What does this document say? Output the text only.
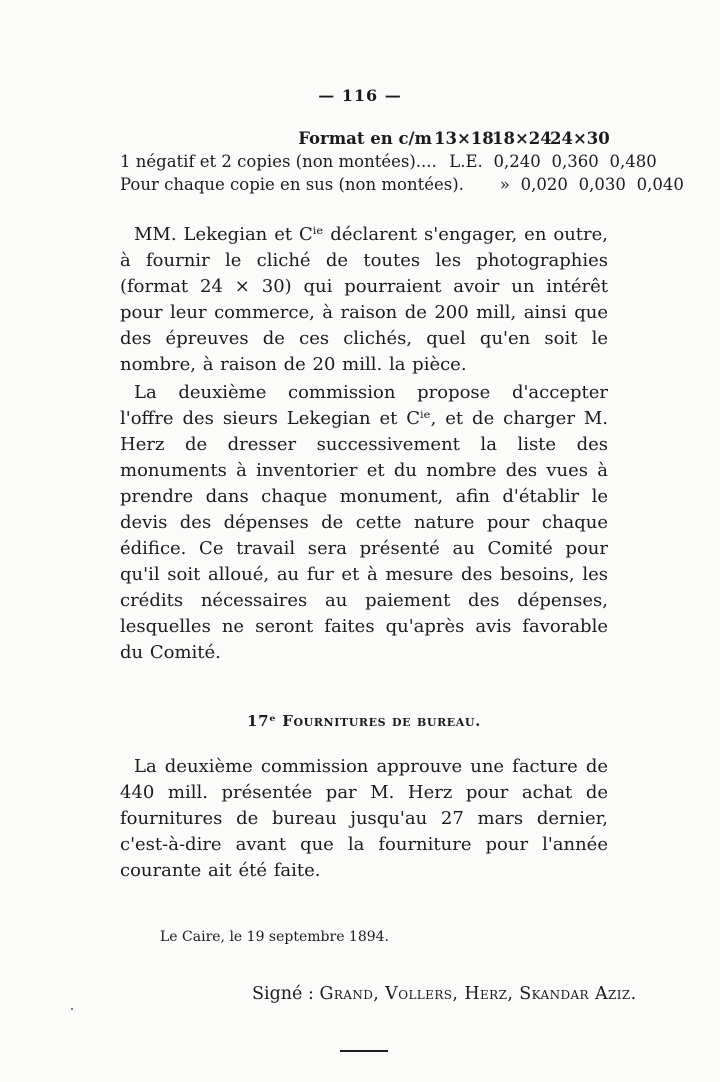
— 116 —
Format en c/m 13×18
18×24
24×30
1 négatif et 2 copies (non montées).... L.E. 0,240 0,360 0,480
Pour chaque copie en sus (non montées).	» 0,020 0,030 0,040

MM. Lekegian et Cⁱᵉ déclarent s'engager, en outre, à fournir le cliché de toutes les photographies (format 24 × 30) qui pourraient avoir un intérêt pour leur commerce, à raison de 200 mill, ainsi que des épreuves de ces clichés, quel qu'en soit le nombre, à raison de 20 mill. la pièce.

La deuxième commission propose d'accepter l'offre des sieurs Lekegian et Cⁱᵉ, et de charger M. Herz de dresser successivement la liste des monuments à inventorier et du nombre des vues à prendre dans chaque monument, afin d'établir le devis des dépenses de cette nature pour chaque édifice. Ce travail sera présenté au Comité pour qu'il soit alloué, au fur et à mesure des besoins, les crédits nécessaires au paiement des dépenses, lesquelles ne seront faites qu'après avis favorable du Comité.

17ᵉ Fournitures de bureau.

La deuxième commission approuve une facture de 440 mill. présentée par M. Herz pour achat de fournitures de bureau jusqu'au 27 mars dernier, c'est-à-dire avant que la fourniture pour l'année courante ait été faite.

Le Caire, le 19 septembre 1894.
Signé : Grand, Vollers, Herz, Skandar Aziz.
